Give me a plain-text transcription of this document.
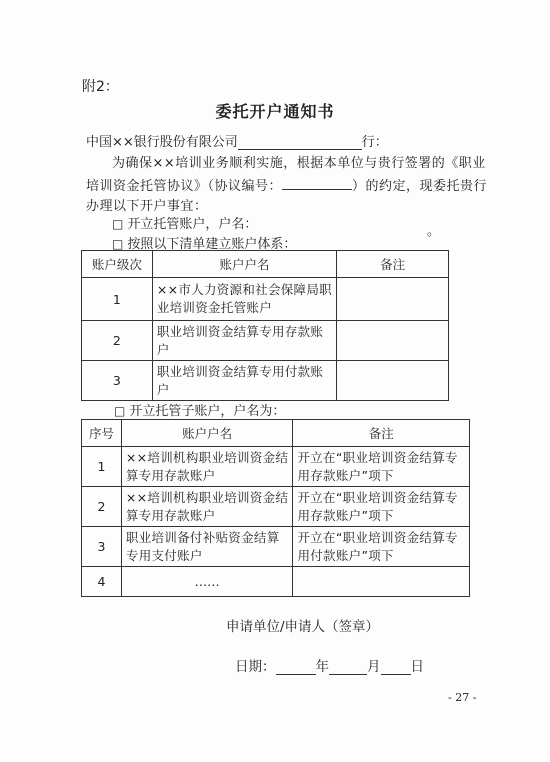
附2：
委托开户通知书
中国××银行股份有限公司	行：
为确保××培训业务顺利实施，根据本单位与贵行签署的《职业培训资金托管协议》（协议编号：	）的约定，现委托贵行办理以下开户事宜：
□ 开立托管账户，户名：	。
□ 按照以下清单建立账户体系：
账户级次	账户户名	备注
1	××市人力资源和社会保障局职业培训资金托管账户	
2	职业培训资金结算专用存款账户	
3	职业培训资金结算专用付款账户	
□ 开立托管子账户，户名为：
序号	账户户名	备注
1	××培训机构职业培训资金结算专用存款账户	开立在“职业培训资金结算专用存款账户”项下
2	××培训机构职业培训资金结算专用存款账户	开立在“职业培训资金结算专用存款账户”项下
3	职业培训备付补贴资金结算专用支付账户	开立在“职业培训资金结算专用付款账户”项下
4	……	
申请单位/申请人（签章）
日期：	年	月 日
- 27 -
